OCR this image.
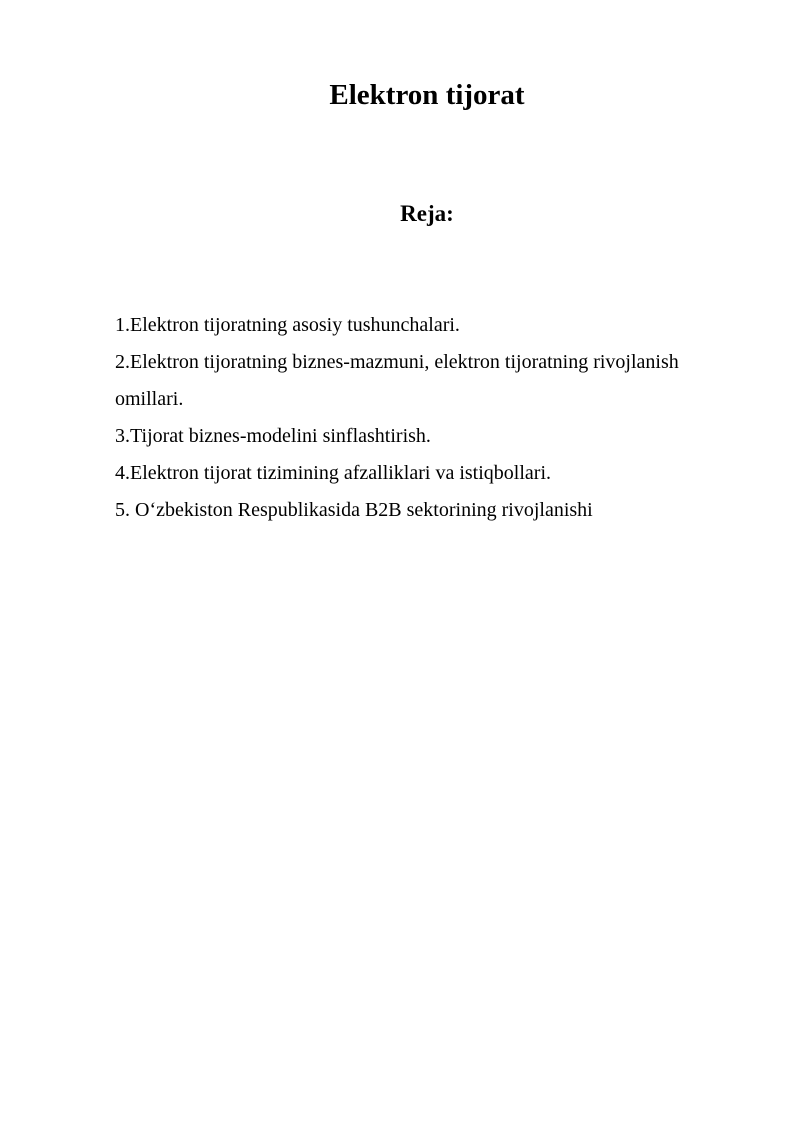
Elektron tijorat
Reja:
1.Elektron tijoratning asosiy tushunchalari.
2.Elektron tijoratning biznes-mazmuni, elektron tijoratning rivojlanish omillari.
3.Tijorat biznes-modelini sinflashtirish.
4.Elektron tijorat tizimining afzalliklari va istiqbollari.
5. O‘zbekiston Respublikasida B2B sektorining rivojlanishi
